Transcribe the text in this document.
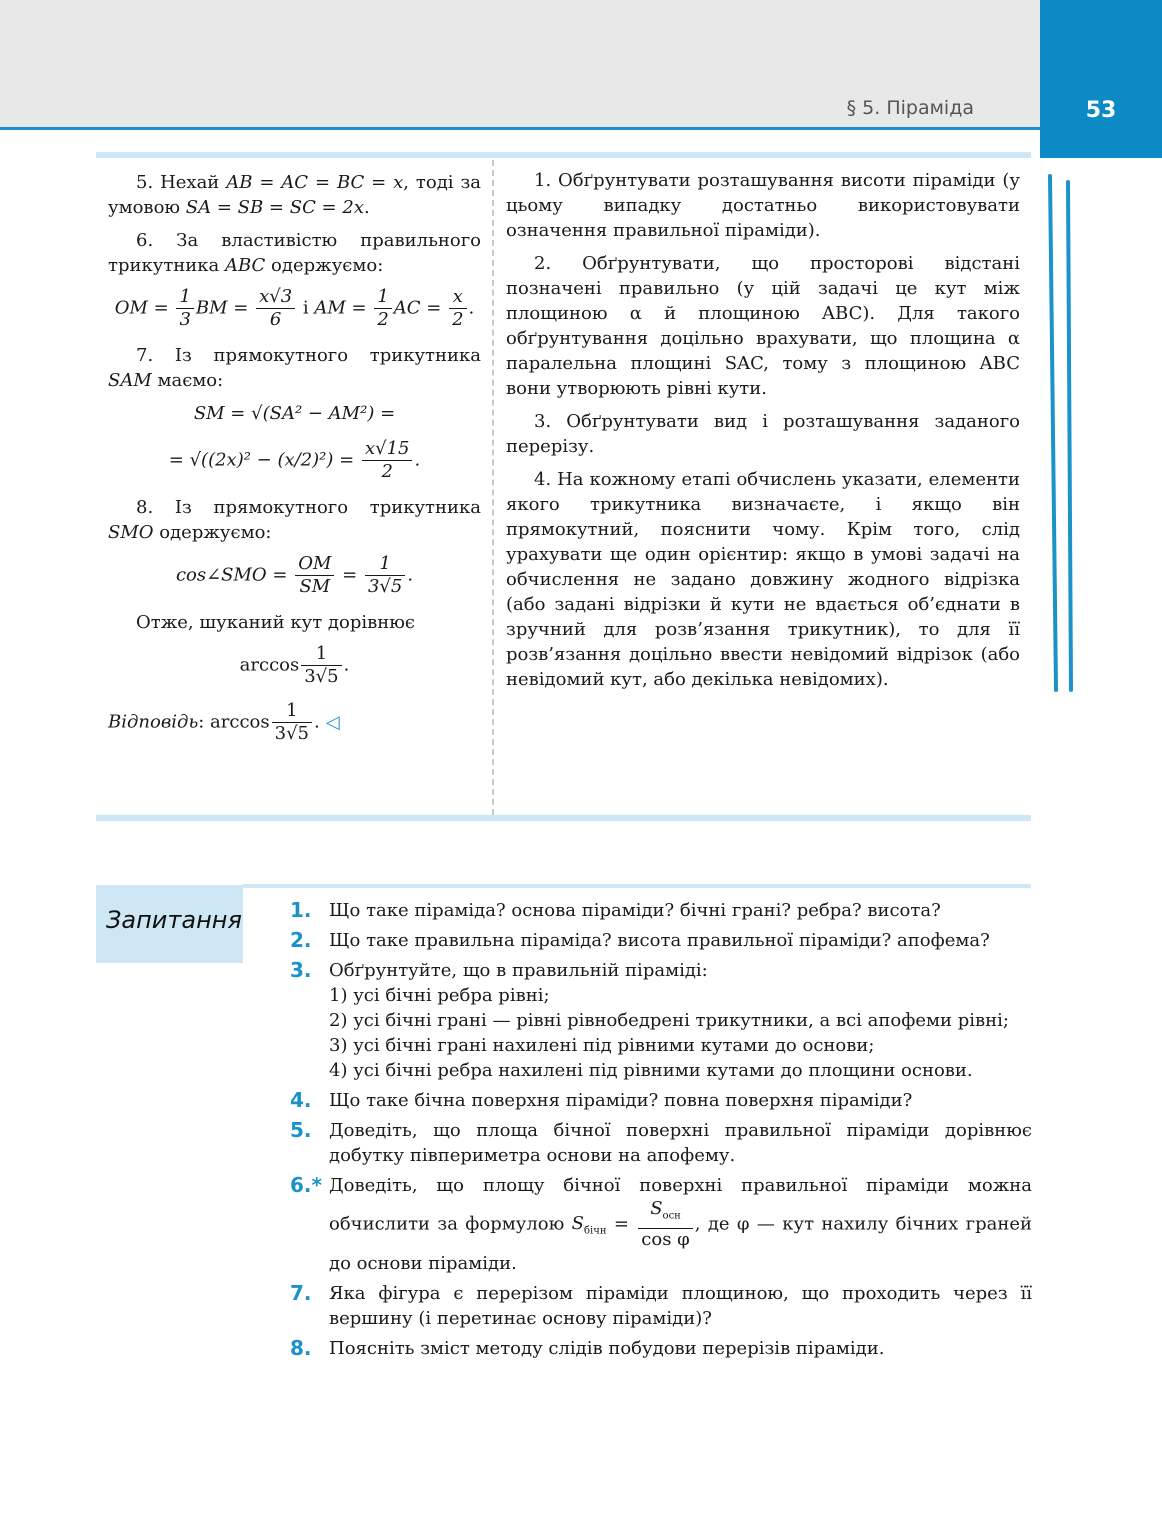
53
§ 5. Піраміда

5. Нехай AB = AC = BC = x, тоді за умовою SA = SB = SC = 2x.

6. За властивістю правильного трикутника ABC одержуємо:

OM = $\frac{1}{3}$ BM = $\frac{x√3}{6}$ і AM = $\frac{1}{2}$ AC = $\frac{x}{2}$ .

7. Із прямокутного трикутника SAM маємо:

SM = √(SA² − AM²) =

= $√((2x)^2 - (x/2)^2) = \frac{x√15}{2}$ .

8. Із прямокутного трикутника SMO одержуємо:

cos∠SMO = $\frac{OM}{SM} = \frac{1}{3√5}$ .

Отже, шуканий кут дорівнює

$\arccos \frac{1}{3√5}$ .

Відповідь: $\arccos \frac{1}{3√5}$ . ◁

1. Обґрунтувати розташування висоти піраміди (у цьому випадку достатньо використовувати означення правильної піраміди).

2. Обґрунтувати, що просторові відстані позначені правильно (у цій задачі це кут між площиною α й площиною ABC). Для такого обґрунтування доцільно врахувати, що площина α паралельна площині SAC, тому з площиною ABC вони утворюють рівні кути.

3. Обґрунтувати вид і розташування заданого перерізу.

4. На кожному етапі обчислень указати, елементи якого трикутника визначаєте, і якщо він прямокутний, пояснити чому. Крім того, слід урахувати ще один орієнтир: якщо в умові задачі на обчислення не задано довжину жодного відрізка (або задані відрізки й кути не вдається об’єднати в зручний для розв’язання трикутник), то для її розв’язання доцільно ввести невідомий відрізок (або невідомий кут, або декілька невідомих).

Запитання 1. Що таке піраміда? основа піраміди? бічні грані? ребра? висота?
2. Що таке правильна піраміда? висота правильної піраміди? апофема?
3. Обґрунтуйте, що в правильній піраміді:
1) усі бічні ребра рівні;
2) усі бічні грані — рівні рівнобедрені трикутники, а всі апофеми рівні;
3) усі бічні грані нахилені під рівними кутами до основи;
4) усі бічні ребра нахилені під рівними кутами до площини основи.
4. Що таке бічна поверхня піраміди? повна поверхня піраміди?
5. Доведіть, що площа бічної поверхні правильної піраміди дорівнює добутку півпериметра основи на апофему.
6.* Доведіть, що площу бічної поверхні правильної піраміди можна обчислити за формулою $S_{бічн} = \frac{S_{осн}}{\text{cos φ}}$ , де φ — кут нахилу бічних граней до основи піраміди.
7. Яка фігура є перерізом піраміди площиною, що проходить через її вершину (і перетинає основу піраміди)?
8. Поясніть зміст методу слідів побудови перерізів піраміди.
